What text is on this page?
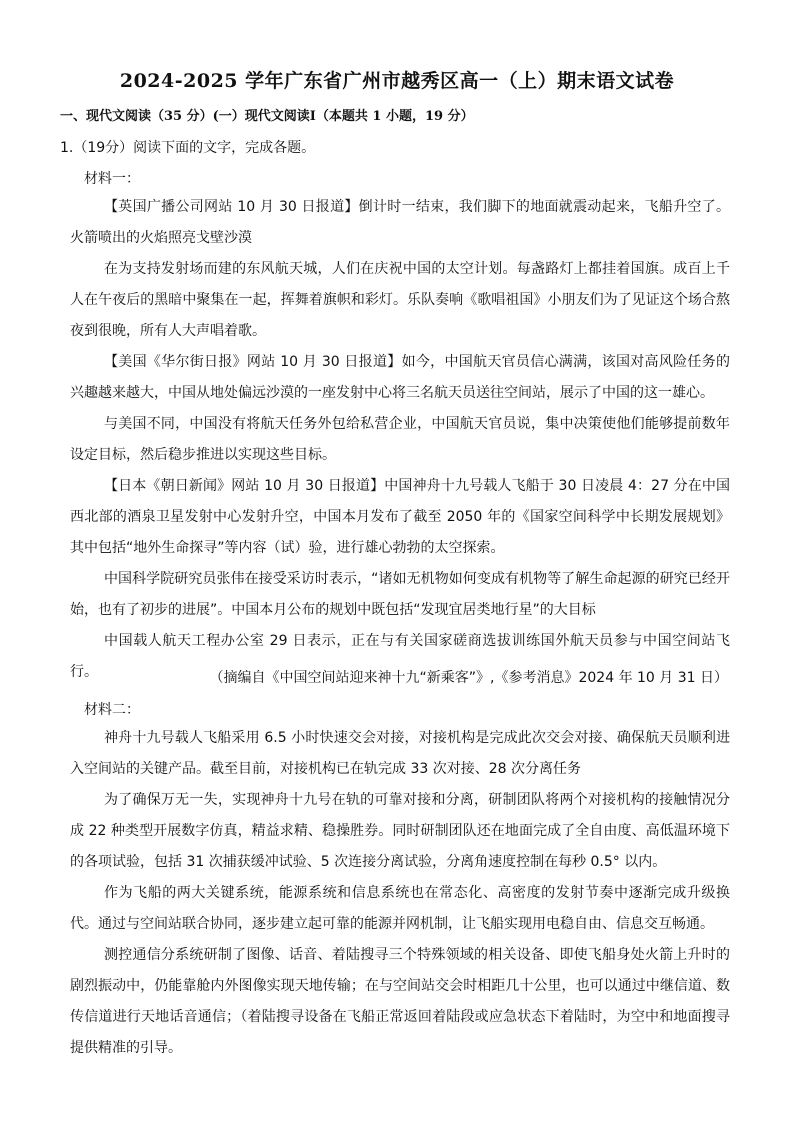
2024-2025 学年广东省广州市越秀区高一（上）期末语文试卷
一、现代文阅读（35 分）(一）现代文阅读Ⅰ（本题共 1 小题，19 分）
1.（19分）阅读下面的文字，完成各题。
材料一：

【英国广播公司网站 10 月 30 日报道】倒计时一结束，我们脚下的地面就震动起来，飞船升空了。火箭喷出的火焰照亮戈壁沙漠

在为支持发射场而建的东风航天城，人们在庆祝中国的太空计划。每盏路灯上都挂着国旗。成百上千人在午夜后的黑暗中聚集在一起，挥舞着旗帜和彩灯。乐队奏响《歌唱祖国》小朋友们为了见证这个场合熬夜到很晚，所有人大声唱着歌。

【美国《华尔街日报》网站 10 月 30 日报道】如今，中国航天官员信心满满，该国对高风险任务的兴趣越来越大，中国从地处偏远沙漠的一座发射中心将三名航天员送往空间站，展示了中国的这一雄心。

与美国不同，中国没有将航天任务外包给私营企业，中国航天官员说，集中决策使他们能够提前数年设定目标，然后稳步推进以实现这些目标。

【日本《朝日新闻》网站 10 月 30 日报道】中国神舟十九号载人飞船于 30 日凌晨 4：27 分在中国西北部的酒泉卫星发射中心发射升空，中国本月发布了截至 2050 年的《国家空间科学中长期发展规划》其中包括“地外生命探寻”等内容（试）验，进行雄心勃勃的太空探索。

中国科学院研究员张伟在接受采访时表示，“诸如无机物如何变成有机物等了解生命起源的研究已经开始，也有了初步的进展”。中国本月公布的规划中既包括“发现宜居类地行星”的大目标

中国载人航天工程办公室 29 日表示，正在与有关国家磋商选拔训练国外航天员参与中国空间站飞行。	（摘编自《中国空间站迎来神十九“新乘客”》,《参考消息》2024 年 10 月 31 日）
材料二：

神舟十九号载人飞船采用 6.5 小时快速交会对接，对接机构是完成此次交会对接、确保航天员顺利进入空间站的关键产品。截至目前，对接机构已在轨完成 33 次对接、28 次分离任务

为了确保万无一失，实现神舟十九号在轨的可靠对接和分离，研制团队将两个对接机构的接触情况分成 22 种类型开展数字仿真，精益求精、稳操胜券。同时研制团队还在地面完成了全自由度、高低温环境下的各项试验，包括 31 次捕获缓冲试验、5 次连接分离试验，分离角速度控制在每秒 0.5° 以内。

作为飞船的两大关键系统，能源系统和信息系统也在常态化、高密度的发射节奏中逐渐完成升级换代。通过与空间站联合协同，逐步建立起可靠的能源并网机制，让飞船实现用电稳自由、信息交互畅通。

测控通信分系统研制了图像、话音、着陆搜寻三个特殊领域的相关设备、即使飞船身处火箭上升时的剧烈振动中，仍能靠舱内外图像实现天地传输；在与空间站交会时相距几十公里，也可以通过中继信道、数传信道进行天地话音通信；（着陆搜寻设备在飞船正常返回着陆段或应急状态下着陆时，为空中和地面搜寻提供精准的引导。
